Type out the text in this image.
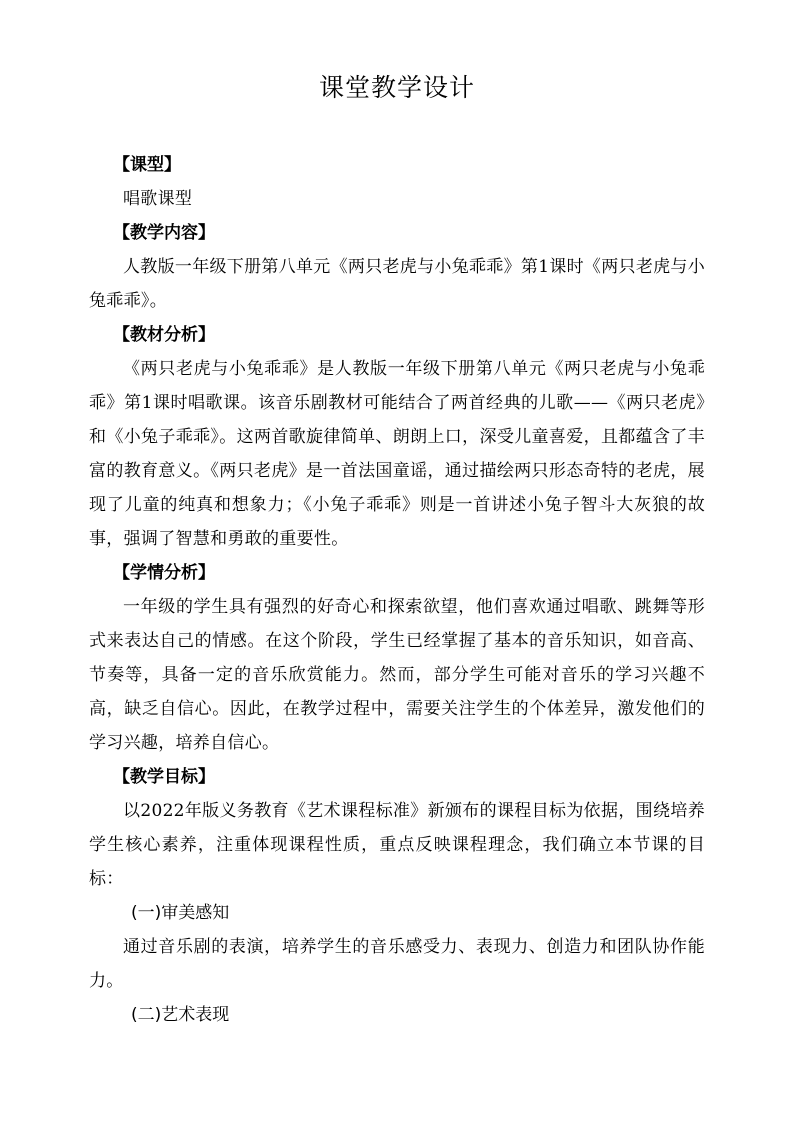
课堂教学设计
【课型】

唱歌课型

【教学内容】

人教版一年级下册第八单元《两只老虎与小兔乖乖》第1课时《两只老虎与小兔乖乖》。

【教材分析】

《两只老虎与小兔乖乖》是人教版一年级下册第八单元《两只老虎与小兔乖乖》第1课时唱歌课。该音乐剧教材可能结合了两首经典的儿歌——《两只老虎》和《小兔子乖乖》。这两首歌旋律简单、朗朗上口，深受儿童喜爱，且都蕴含了丰富的教育意义。《两只老虎》是一首法国童谣，通过描绘两只形态奇特的老虎，展现了儿童的纯真和想象力；《小兔子乖乖》则是一首讲述小兔子智斗大灰狼的故事，强调了智慧和勇敢的重要性。

【学情分析】

一年级的学生具有强烈的好奇心和探索欲望，他们喜欢通过唱歌、跳舞等形式来表达自己的情感。在这个阶段，学生已经掌握了基本的音乐知识，如音高、节奏等，具备一定的音乐欣赏能力。然而，部分学生可能对音乐的学习兴趣不高，缺乏自信心。因此，在教学过程中，需要关注学生的个体差异，激发他们的学习兴趣，培养自信心。

【教学目标】

以2022年版义务教育《艺术课程标准》新颁布的课程目标为依据，围绕培养学生核心素养，注重体现课程性质，重点反映课程理念，我们确立本节课的目标：

(一)审美感知

通过音乐剧的表演，培养学生的音乐感受力、表现力、创造力和团队协作能力。

(二)艺术表现
